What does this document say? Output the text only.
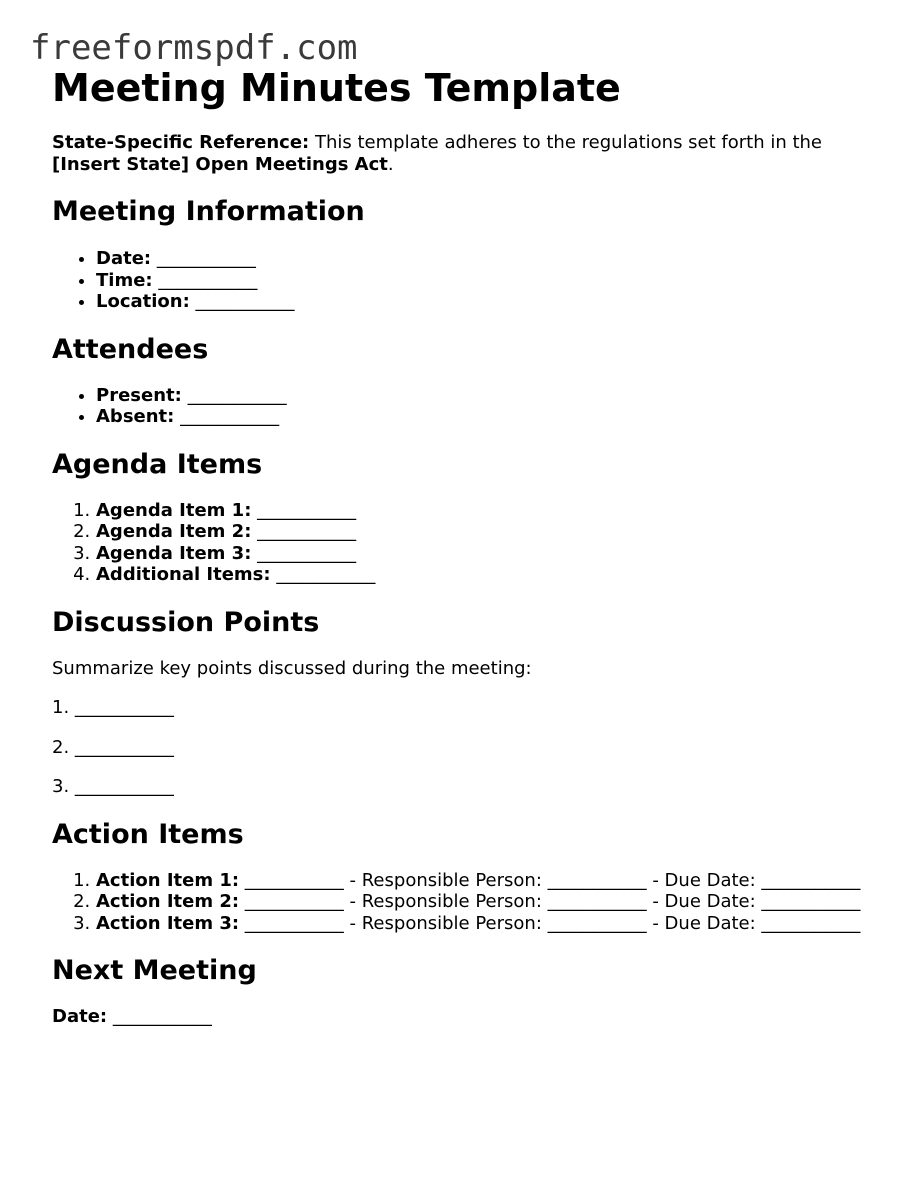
freeformspdf.com
Meeting Minutes Template

State-Specific Reference: This template adheres to the regulations set forth in the [Insert State] Open Meetings Act.

Meeting Information
• Date: ___________
• Time: ___________
• Location: ___________
Attendees
• Present: ___________
• Absent: ___________
Agenda Items
1. Agenda Item 1: ___________
2. Agenda Item 2: ___________
3. Agenda Item 3: ___________
4. Additional Items: ___________
Discussion Points

Summarize key points discussed during the meeting:

1. ___________

2. ___________

3. ___________

Action Items
1. Action Item 1: ___________ - Responsible Person: ___________ - Due Date: ___________
2. Action Item 2: ___________ - Responsible Person: ___________ - Due Date: ___________
3. Action Item 3: ___________ - Responsible Person: ___________ - Due Date: ___________
Next Meeting

Date: ___________
